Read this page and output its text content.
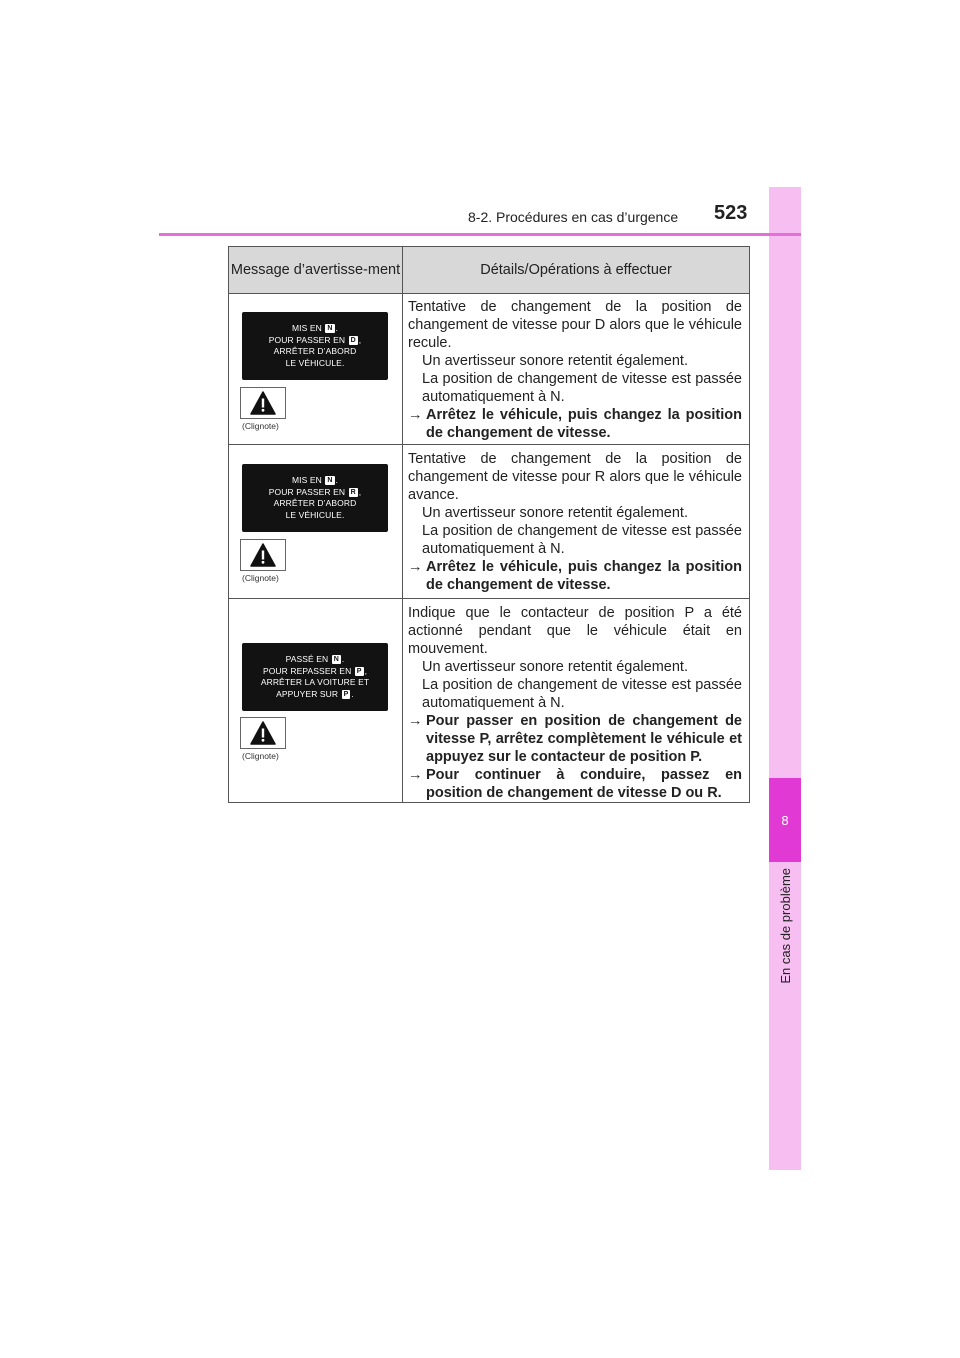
8
En cas de problème
8-2. Procédures en cas d’urgence 523
Message d’avertisse-ment	Détails/Opérations à effectuer
MIS EN N .
POUR PASSER EN D ,
ARRÊTER D’ABORD
LE VÉHICULE.
(Clignote)

Tentative de changement de la position de changement de vitesse pour D alors que le véhicule recule.

Un avertisseur sonore retentit également.

La position de changement de vitesse est passée automatiquement à N.

→ Arrêtez le véhicule, puis changez la position de changement de vitesse.

MIS EN N .
POUR PASSER EN R ,
ARRÊTER D’ABORD
LE VÉHICULE.
(Clignote)

Tentative de changement de la position de changement de vitesse pour R alors que le véhicule avance.

Un avertisseur sonore retentit également.

La position de changement de vitesse est passée automatiquement à N.

→ Arrêtez le véhicule, puis changez la position de changement de vitesse.

PASSÉ EN N .
POUR REPASSER EN P ,
ARRÊTER LA VOITURE ET
APPUYER SUR P .
(Clignote)

Indique que le contacteur de position P a été actionné pendant que le véhicule était en mouvement.

Un avertisseur sonore retentit également.

La position de changement de vitesse est passée automatiquement à N.

→ Pour passer en position de changement de vitesse P, arrêtez complètement le véhicule et appuyez sur le contacteur de position P.

→ Pour continuer à conduire, passez en position de changement de vitesse D ou R.
